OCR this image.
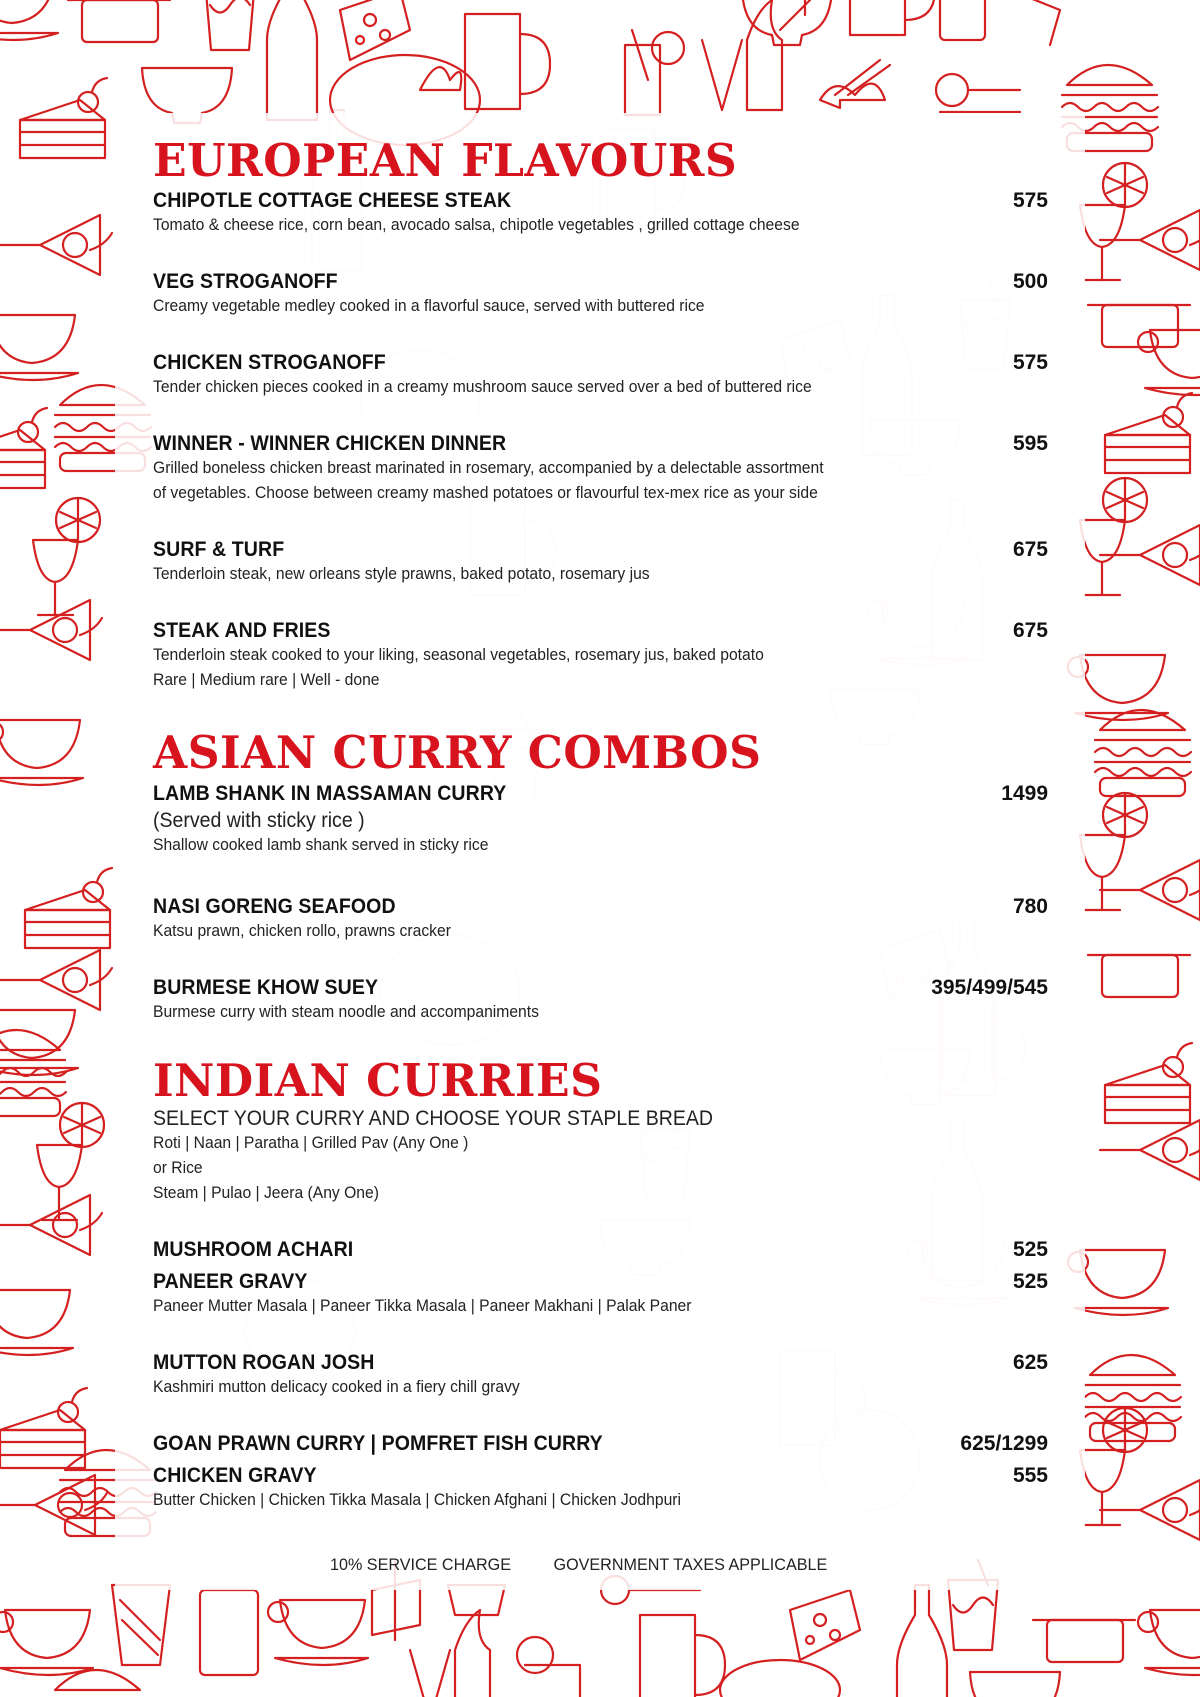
EUROPEAN FLAVOURS
CHIPOTLE COTTAGE CHEESE STEAK	575
Tomato & cheese rice, corn bean, avocado salsa, chipotle vegetables , grilled cottage cheese
VEG STROGANOFF	500
Creamy vegetable medley cooked in a flavorful sauce, served with buttered rice
CHICKEN STROGANOFF	575
Tender chicken pieces cooked in a creamy mushroom sauce served over a bed of buttered rice
WINNER - WINNER CHICKEN DINNER	595
Grilled boneless chicken breast marinated in rosemary, accompanied by a delectable assortment
of vegetables. Choose between creamy mashed potatoes or flavourful tex-mex rice as your side
SURF & TURF	675
Tenderloin steak, new orleans style prawns, baked potato, rosemary jus
STEAK AND FRIES	675
Tenderloin steak cooked to your liking, seasonal vegetables, rosemary jus, baked potato
Rare | Medium rare | Well - done
ASIAN CURRY COMBOS
LAMB SHANK IN MASSAMAN CURRY	1499
(Served with sticky rice )
Shallow cooked lamb shank served in sticky rice
NASI GORENG SEAFOOD	780
Katsu prawn, chicken rollo, prawns cracker
BURMESE KHOW SUEY	395/499/545
Burmese curry with steam noodle and accompaniments
INDIAN CURRIES
SELECT YOUR CURRY AND CHOOSE YOUR STAPLE BREAD
Roti | Naan | Paratha | Grilled Pav (Any One )
or Rice
Steam | Pulao | Jeera (Any One)
MUSHROOM ACHARI	525
PANEER GRAVY	525
Paneer Mutter Masala | Paneer Tikka Masala | Paneer Makhani | Palak Paner
MUTTON ROGAN JOSH	625
Kashmiri mutton delicacy cooked in a fiery chill gravy
GOAN PRAWN CURRY | POMFRET FISH CURRY	625/1299
CHICKEN GRAVY	555
Butter Chicken | Chicken Tikka Masala | Chicken Afghani | Chicken Jodhpuri
10% SERVICE CHARGE GOVERNMENT TAXES APPLICABLE
